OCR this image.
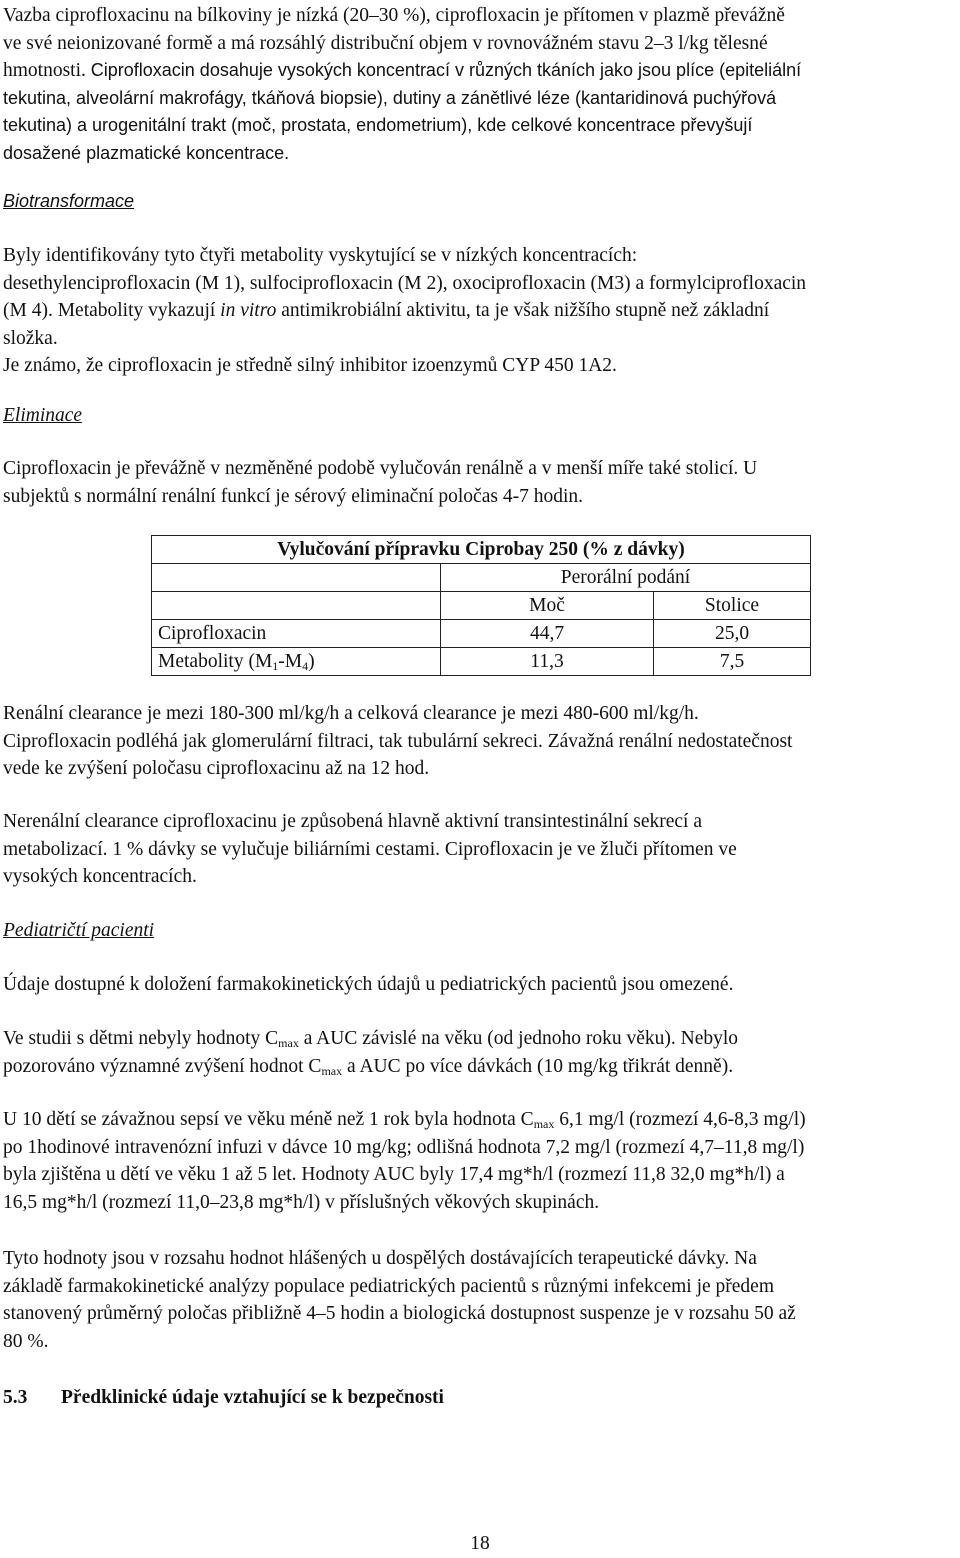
Vazba ciprofloxacinu na bílkoviny je nízká (20–30 %), ciprofloxacin je přítomen v plazmě převážně
ve své neionizované formě a má rozsáhlý distribuční objem v rovnovážném stavu 2–3 l/kg tělesné
hmotnosti. Ciprofloxacin dosahuje vysokých koncentrací v různých tkáních jako jsou plíce (epiteliální
tekutina, alveolární makrofágy, tkáňová biopsie), dutiny a zánětlivé léze (kantaridinová puchýřová
tekutina) a urogenitální trakt (moč, prostata, endometrium), kde celkové koncentrace převyšují
dosažené plazmatické koncentrace.
Biotransformace
Byly identifikovány tyto čtyři metabolity vyskytující se v nízkých koncentracích:
desethylenciprofloxacin (M 1), sulfociprofloxacin (M 2), oxociprofloxacin (M3) a formylciprofloxacin
(M 4). Metabolity vykazují in vitro antimikrobiální aktivitu, ta je však nižšího stupně než základní
složka.
Je známo, že ciprofloxacin je středně silný inhibitor izoenzymů CYP 450 1A2.
Eliminace
Ciprofloxacin je převážně v nezměněné podobě vylučován renálně a v menší míře také stolicí. U
subjektů s normální renální funkcí je sérový eliminační poločas 4-7 hodin.
Vylučování přípravku Ciprobay 250 (% z dávky)		
	Perorální podání	
	Moč	Stolice
Ciprofloxacin	44,7	25,0
Metabolity $(M_1-M_4)$	11,3	7,5
Renální clearance je mezi 180-300 ml/kg/h a celková clearance je mezi 480-600 ml/kg/h.
Ciprofloxacin podléhá jak glomerulární filtraci, tak tubulární sekreci. Závažná renální nedostatečnost
vede ke zvýšení poločasu ciprofloxacinu až na 12 hod.
Nerenální clearance ciprofloxacinu je způsobená hlavně aktivní transintestinální sekrecí a
metabolizací. 1 % dávky se vylučuje biliárními cestami. Ciprofloxacin je ve žluči přítomen ve
vysokých koncentracích.
Pediatričtí pacienti
Údaje dostupné k doložení farmakokinetických údajů u pediatrických pacientů jsou omezené.
Ve studii s dětmi nebyly hodnoty $C_{max}$ a AUC závislé na věku (od jednoho roku věku). Nebylo
pozorováno významné zvýšení hodnot $C_{max}$ a AUC po více dávkách (10 mg/kg třikrát denně).
U 10 dětí se závažnou sepsí ve věku méně než 1 rok byla hodnota $C_{max}$ 6,1 mg/l (rozmezí 4,6-8,3 mg/l)
po 1hodinové intravenózní infuzi v dávce 10 mg/kg; odlišná hodnota 7,2 mg/l (rozmezí 4,7–11,8 mg/l)
byla zjištěna u dětí ve věku 1 až 5 let. Hodnoty AUC byly 17,4 mg*h/l (rozmezí 11,8 32,0 mg*h/l) a
16,5 mg*h/l (rozmezí 11,0–23,8 mg*h/l) v příslušných věkových skupinách.
Tyto hodnoty jsou v rozsahu hodnot hlášených u dospělých dostávajících terapeutické dávky. Na
základě farmakokinetické analýzy populace pediatrických pacientů s různými infekcemi je předem
stanovený průměrný poločas přibližně 4–5 hodin a biologická dostupnost suspenze je v rozsahu 50 až
80 %.
5.3 Předklinické údaje vztahující se k bezpečnosti
18
